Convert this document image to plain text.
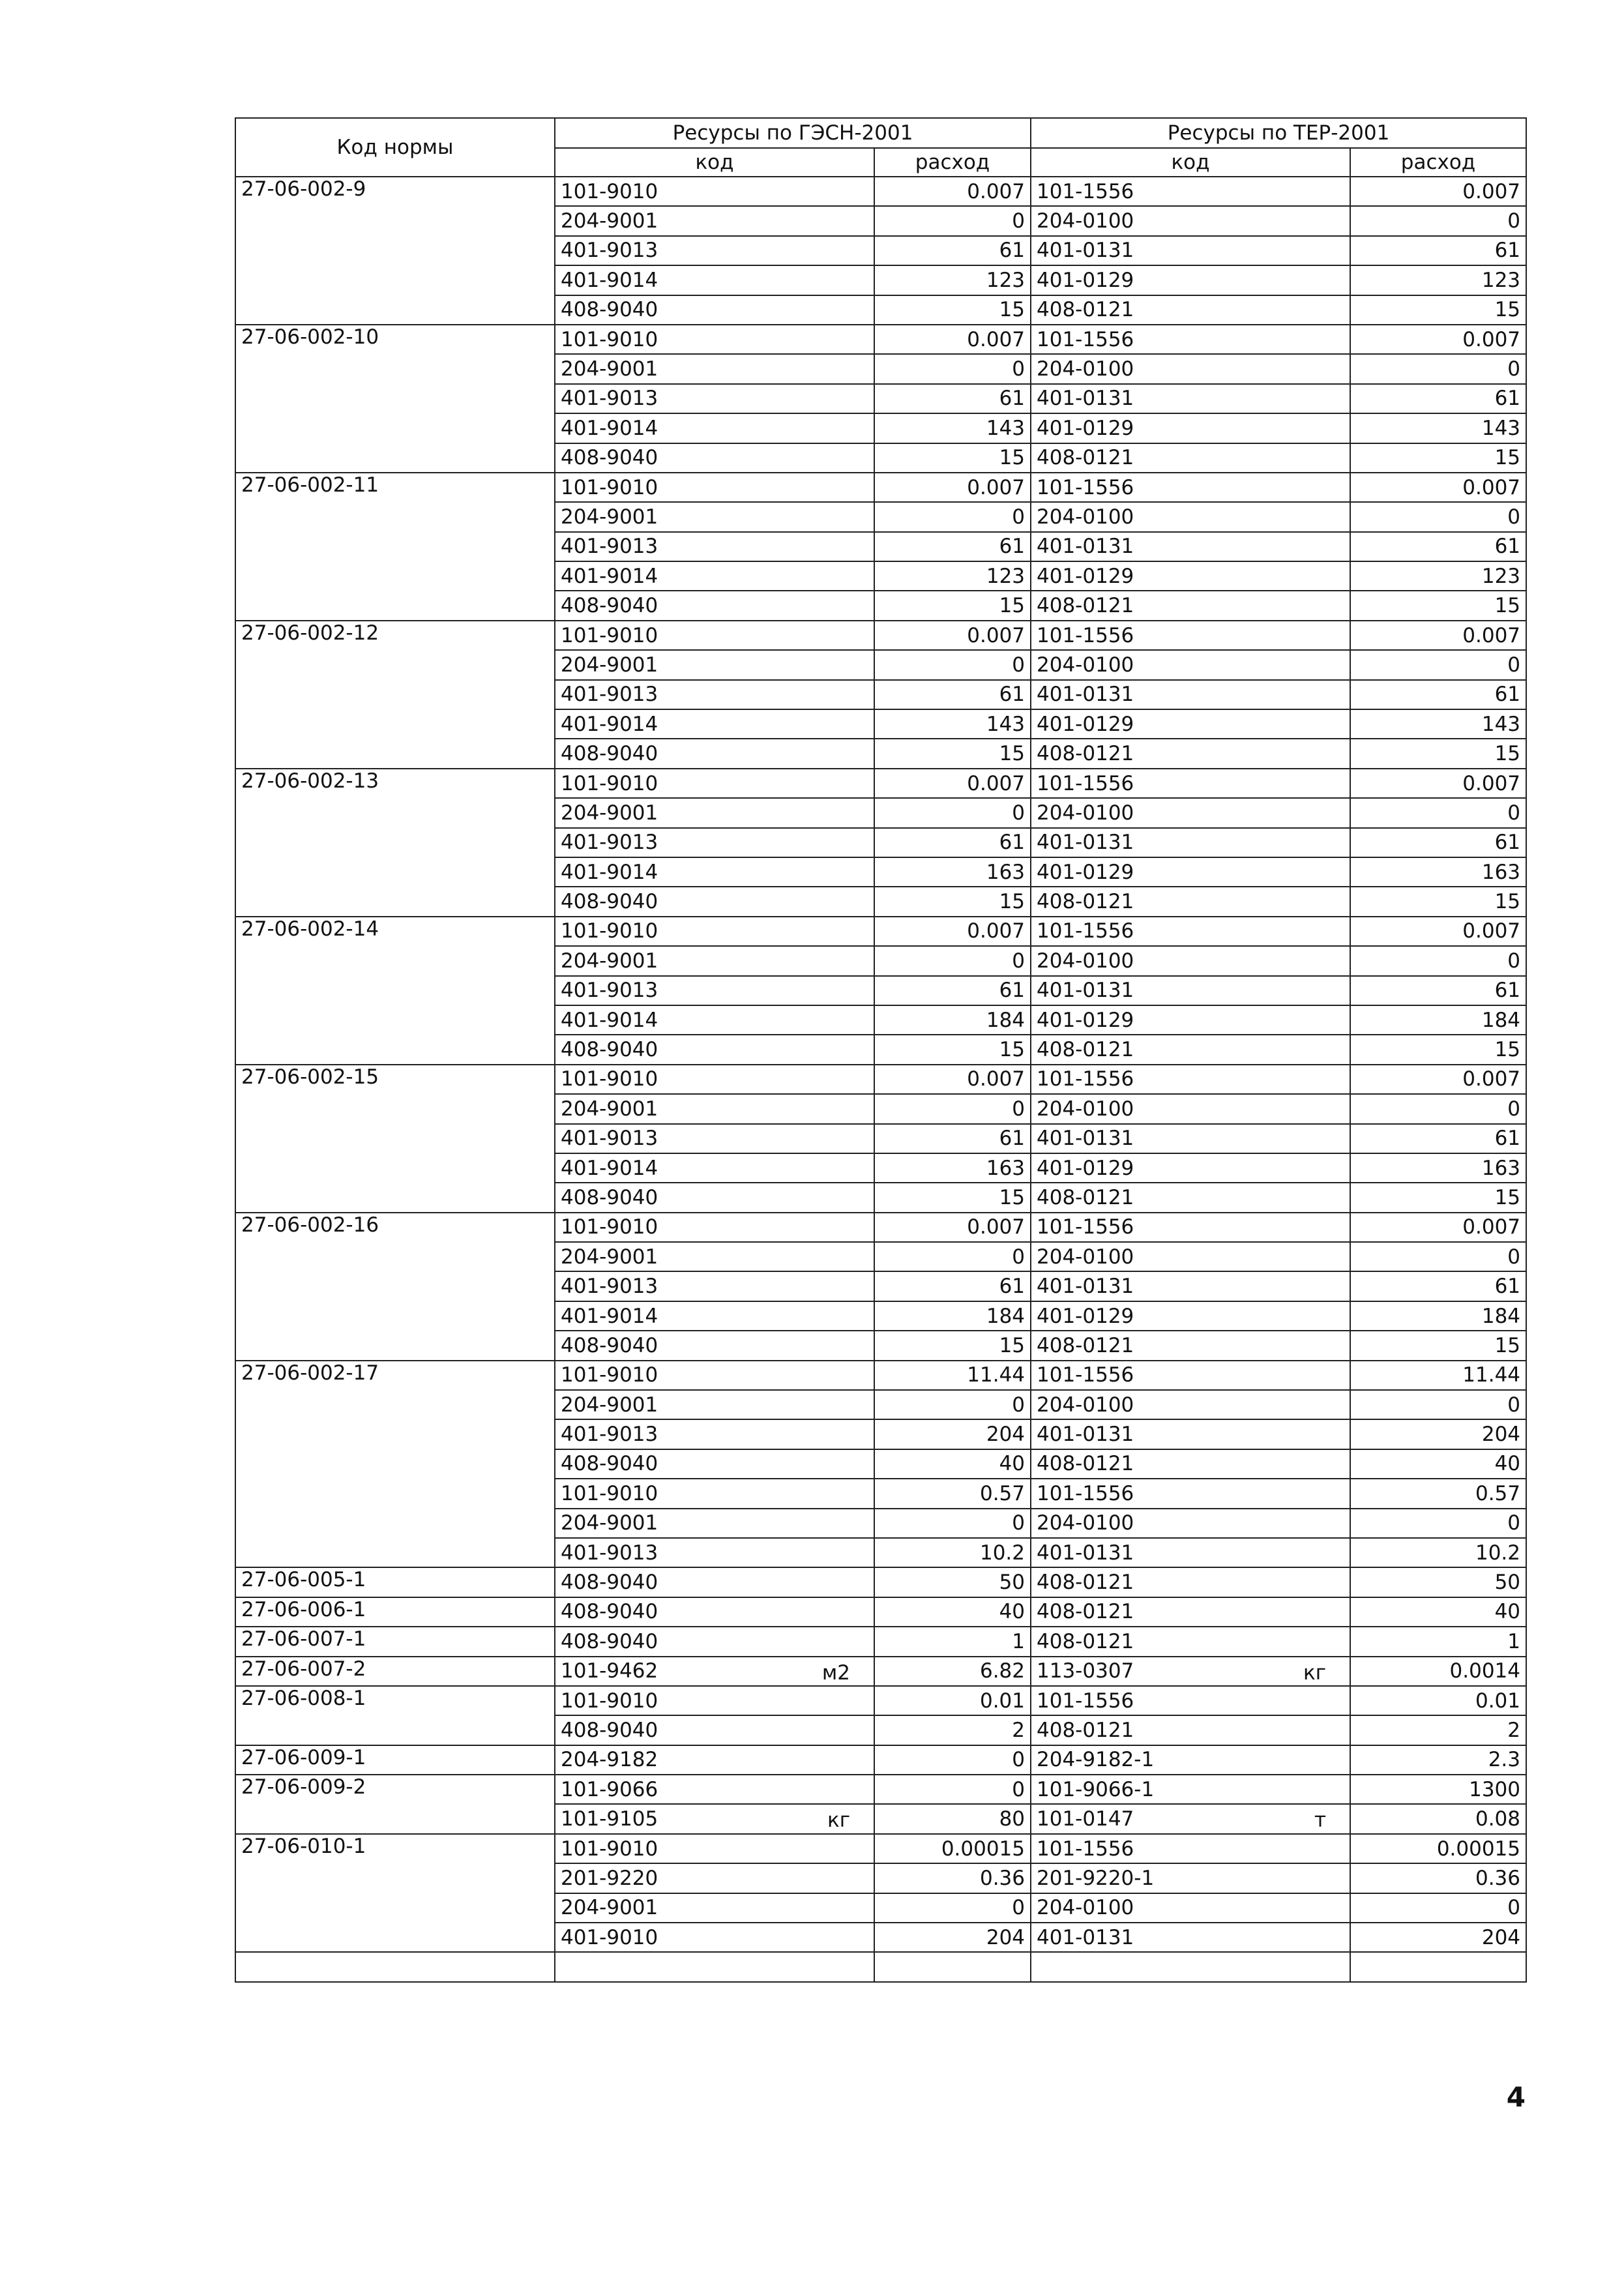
Код нормы	Ресурсы по ГЭСН-2001		Ресурсы по ТЕР-2001	
	код	расход	код	расход
27-06-002-9	101-9010	0.007	101-1556	0.007
	204-9001	0	204-0100	0
	401-9013	61	401-0131	61
	401-9014	123	401-0129	123
	408-9040	15	408-0121	15
27-06-002-10	101-9010	0.007	101-1556	0.007
	204-9001	0	204-0100	0
	401-9013	61	401-0131	61
	401-9014	143	401-0129	143
	408-9040	15	408-0121	15
27-06-002-11	101-9010	0.007	101-1556	0.007
	204-9001	0	204-0100	0
	401-9013	61	401-0131	61
	401-9014	123	401-0129	123
	408-9040	15	408-0121	15
27-06-002-12	101-9010	0.007	101-1556	0.007
	204-9001	0	204-0100	0
	401-9013	61	401-0131	61
	401-9014	143	401-0129	143
	408-9040	15	408-0121	15
27-06-002-13	101-9010	0.007	101-1556	0.007
	204-9001	0	204-0100	0
	401-9013	61	401-0131	61
	401-9014	163	401-0129	163
	408-9040	15	408-0121	15
27-06-002-14	101-9010	0.007	101-1556	0.007
	204-9001	0	204-0100	0
	401-9013	61	401-0131	61
	401-9014	184	401-0129	184
	408-9040	15	408-0121	15
27-06-002-15	101-9010	0.007	101-1556	0.007
	204-9001	0	204-0100	0
	401-9013	61	401-0131	61
	401-9014	163	401-0129	163
	408-9040	15	408-0121	15
27-06-002-16	101-9010	0.007	101-1556	0.007
	204-9001	0	204-0100	0
	401-9013	61	401-0131	61
	401-9014	184	401-0129	184
	408-9040	15	408-0121	15
27-06-002-17	101-9010	11.44	101-1556	11.44
	204-9001	0	204-0100	0
	401-9013	204	401-0131	204
	408-9040	40	408-0121	40
	101-9010	0.57	101-1556	0.57
	204-9001	0	204-0100	0
	401-9013	10.2	401-0131	10.2
27-06-005-1	408-9040	50	408-0121	50
27-06-006-1	408-9040	40	408-0121	40
27-06-007-1	408-9040	1	408-0121	1
27-06-007-2	101-9462 м2	6.82	113-0307 кг	0.0014
27-06-008-1	101-9010	0.01	101-1556	0.01
	408-9040	2	408-0121	2
27-06-009-1	204-9182	0	204-9182-1	2.3
27-06-009-2	101-9066	0	101-9066-1	1300
	101-9105 кг	80	101-0147 т	0.08
27-06-010-1	101-9010	0.00015	101-1556	0.00015
	201-9220	0.36	201-9220-1	0.36
	204-9001	0	204-0100	0
	401-9010	204	401-0131	204

4
